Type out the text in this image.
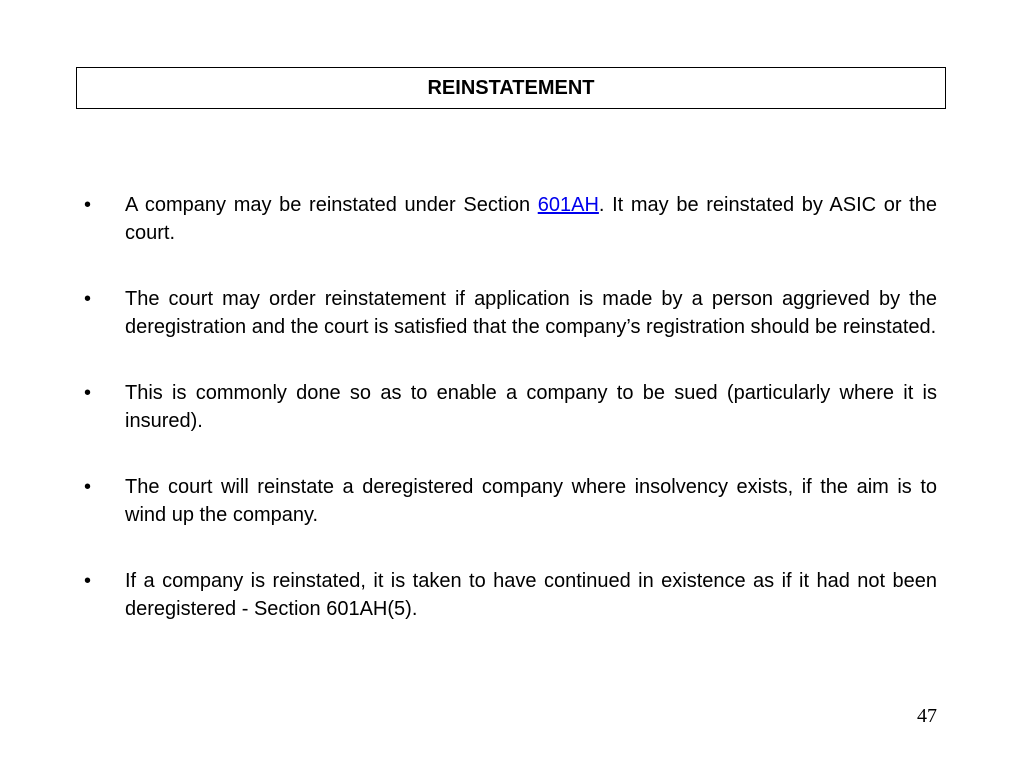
REINSTATEMENT
•	A company may be reinstated under Section 601AH. It may be reinstated by ASIC or the court.
•	The court may order reinstatement if application is made by a person aggrieved by the deregistration and the court is satisfied that the company’s registration should be reinstated.
•	This is commonly done so as to enable a company to be sued (particularly where it is insured).
•	The court will reinstate a deregistered company where insolvency exists, if the aim is to wind up the company.
•	If a company is reinstated, it is taken to have continued in existence as if it had not been deregistered - Section 601AH(5).
47
